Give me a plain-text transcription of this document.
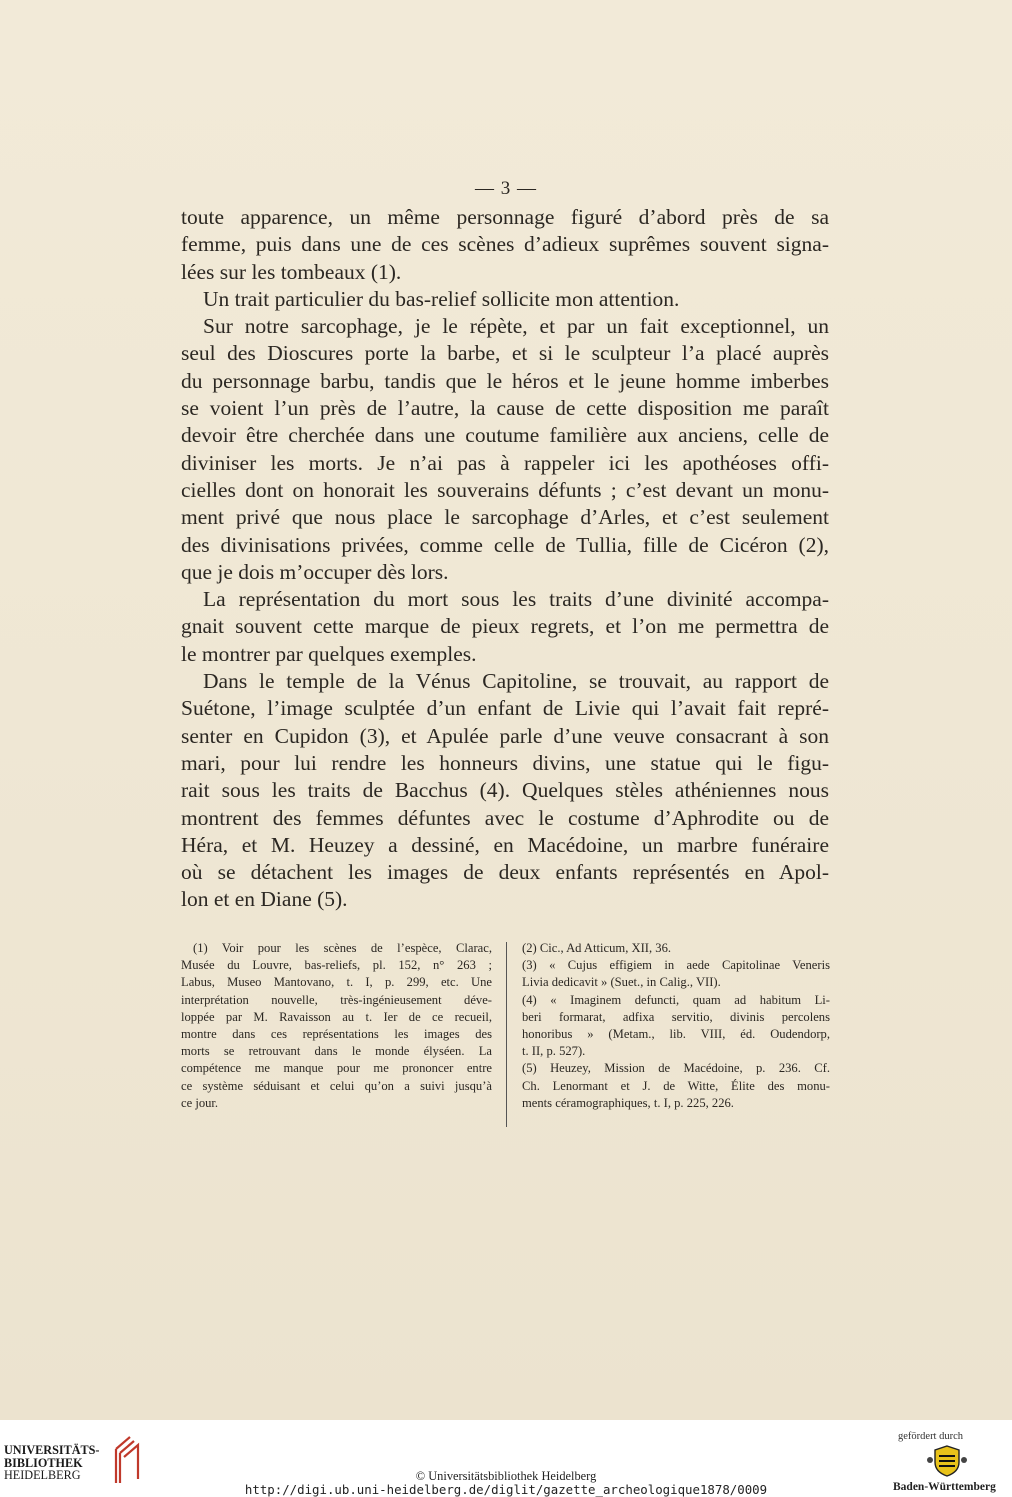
— 3 —
toute apparence, un même personnage figuré d’abord près de sa
femme, puis dans une de ces scènes d’adieux suprêmes souvent signa-
lées sur les tombeaux (1).
Un trait particulier du bas-relief sollicite mon attention.
Sur notre sarcophage, je le répète, et par un fait exceptionnel, un
seul des Dioscures porte la barbe, et si le sculpteur l’a placé auprès
du personnage barbu, tandis que le héros et le jeune homme imberbes
se voient l’un près de l’autre, la cause de cette disposition me paraît
devoir être cherchée dans une coutume familière aux anciens, celle de
diviniser les morts. Je n’ai pas à rappeler ici les apothéoses offi-
cielles dont on honorait les souverains défunts ; c’est devant un monu-
ment privé que nous place le sarcophage d’Arles, et c’est seulement
des divinisations privées, comme celle de Tullia, fille de Cicéron (2),
que je dois m’occuper dès lors.
La représentation du mort sous les traits d’une divinité accompa-
gnait souvent cette marque de pieux regrets, et l’on me permettra de
le montrer par quelques exemples.
Dans le temple de la Vénus Capitoline, se trouvait, au rapport de
Suétone, l’image sculptée d’un enfant de Livie qui l’avait fait repré-
senter en Cupidon (3), et Apulée parle d’une veuve consacrant à son
mari, pour lui rendre les honneurs divins, une statue qui le figu-
rait sous les traits de Bacchus (4). Quelques stèles athéniennes nous
montrent des femmes défuntes avec le costume d’Aphrodite ou de
Héra, et M. Heuzey a dessiné, en Macédoine, un marbre funéraire
où se détachent les images de deux enfants représentés en Apol-
lon et en Diane (5).
(1) Voir pour les scènes de l’espèce, Clarac,
Musée du Louvre, bas-reliefs, pl. 152, n° 263 ;
Labus, Museo Mantovano, t. I, p. 299, etc. Une
interprétation nouvelle, très-ingénieusement déve-
loppée par M. Ravaisson au t. Ier de ce recueil,
montre dans ces représentations les images des
morts se retrouvant dans le monde élyséen. La
compétence me manque pour me prononcer entre
ce système séduisant et celui qu’on a suivi jusqu’à
ce jour.
(2) Cic., Ad Atticum, XII, 36.
(3) « Cujus effigiem in aede Capitolinae Veneris
Livia dedicavit » (Suet., in Calig., VII).
(4) « Imaginem defuncti, quam ad habitum Li-
beri formarat, adfixa servitio, divinis percolens
honoribus » (Metam., lib. VIII, éd. Oudendorp,
t. II, p. 527).
(5) Heuzey, Mission de Macédoine, p. 236. Cf.
Ch. Lenormant et J. de Witte, Élite des monu-
ments céramographiques, t. I, p. 225, 226.
UNIVERSITÄTS-
BIBLIOTHEK
HEIDELBERG	© Universitätsbibliothek Heidelberg
http://digi.ub.uni-heidelberg.de/diglit/gazette_archeologique1878/0009
gefördert durch
Baden-Württemberg
